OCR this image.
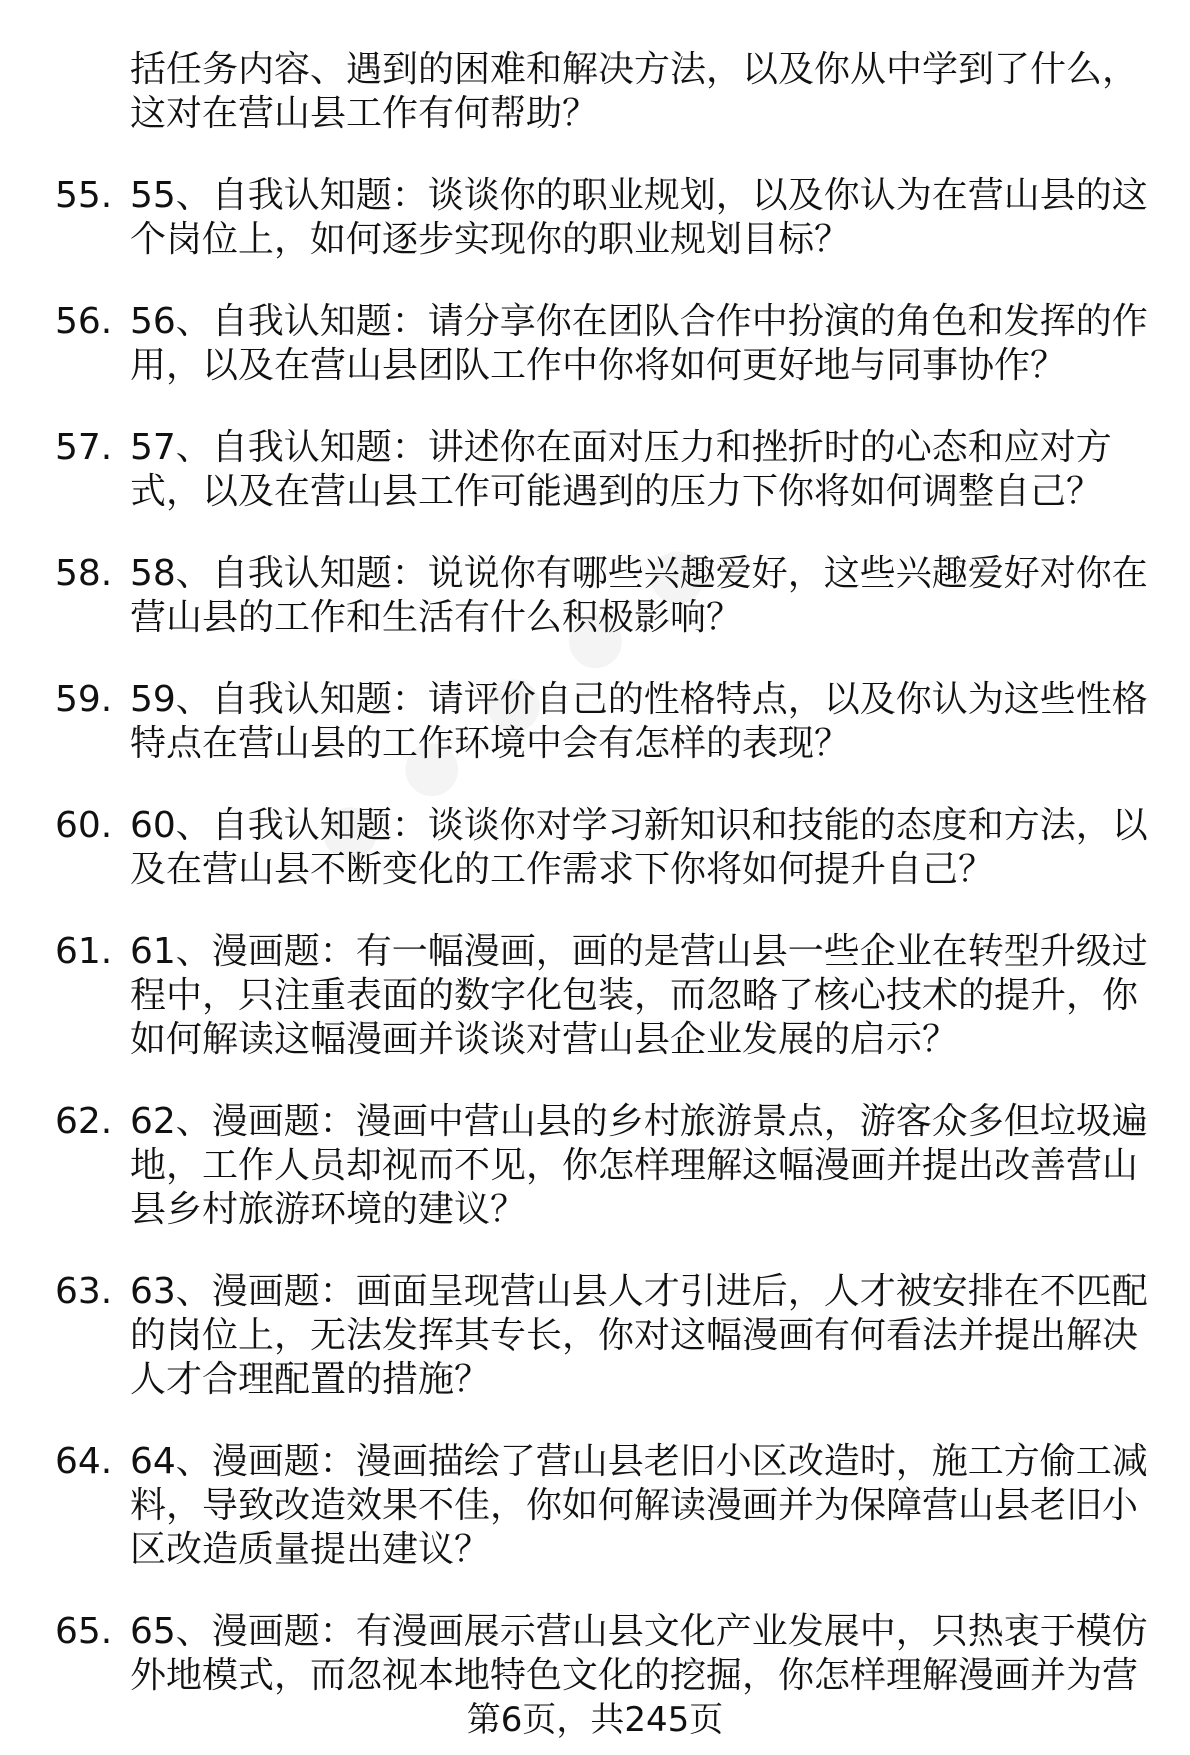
括任务内容、遇到的困难和解决方法，以及你从中学到了什么，这对在营山县工作有何帮助？
55. 55、自我认知题：谈谈你的职业规划，以及你认为在营山县的这个岗位上，如何逐步实现你的职业规划目标？
56. 56、自我认知题：请分享你在团队合作中扮演的角色和发挥的作用，以及在营山县团队工作中你将如何更好地与同事协作？
57. 57、自我认知题：讲述你在面对压力和挫折时的心态和应对方式，以及在营山县工作可能遇到的压力下你将如何调整自己？
58. 58、自我认知题：说说你有哪些兴趣爱好，这些兴趣爱好对你在营山县的工作和生活有什么积极影响？
59. 59、自我认知题：请评价自己的性格特点，以及你认为这些性格特点在营山县的工作环境中会有怎样的表现？
60. 60、自我认知题：谈谈你对学习新知识和技能的态度和方法，以及在营山县不断变化的工作需求下你将如何提升自己？
61. 61、漫画题：有一幅漫画，画的是营山县一些企业在转型升级过程中，只注重表面的数字化包装，而忽略了核心技术的提升，你如何解读这幅漫画并谈谈对营山县企业发展的启示？
62. 62、漫画题：漫画中营山县的乡村旅游景点，游客众多但垃圾遍地，工作人员却视而不见，你怎样理解这幅漫画并提出改善营山县乡村旅游环境的建议？
63. 63、漫画题：画面呈现营山县人才引进后，人才被安排在不匹配的岗位上，无法发挥其专长，你对这幅漫画有何看法并提出解决人才合理配置的措施？
64. 64、漫画题：漫画描绘了营山县老旧小区改造时，施工方偷工减料，导致改造效果不佳，你如何解读漫画并为保障营山县老旧小区改造质量提出建议？
65. 65、漫画题：有漫画展示营山县文化产业发展中，只热衷于模仿外地模式，而忽视本地特色文化的挖掘，你怎样理解漫画并为营
第6页，共245页
